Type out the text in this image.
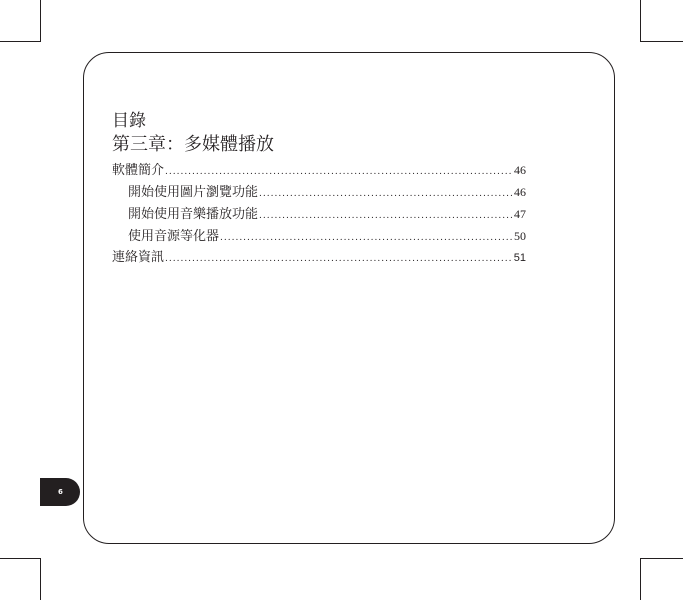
6
目錄
第三章：多媒體播放
軟體簡介 .....	46
開始使用圖片瀏覽功能 .....	46
開始使用音樂播放功能 .....	47
使用音源等化器 .....	50
連絡資訊 .....	51
